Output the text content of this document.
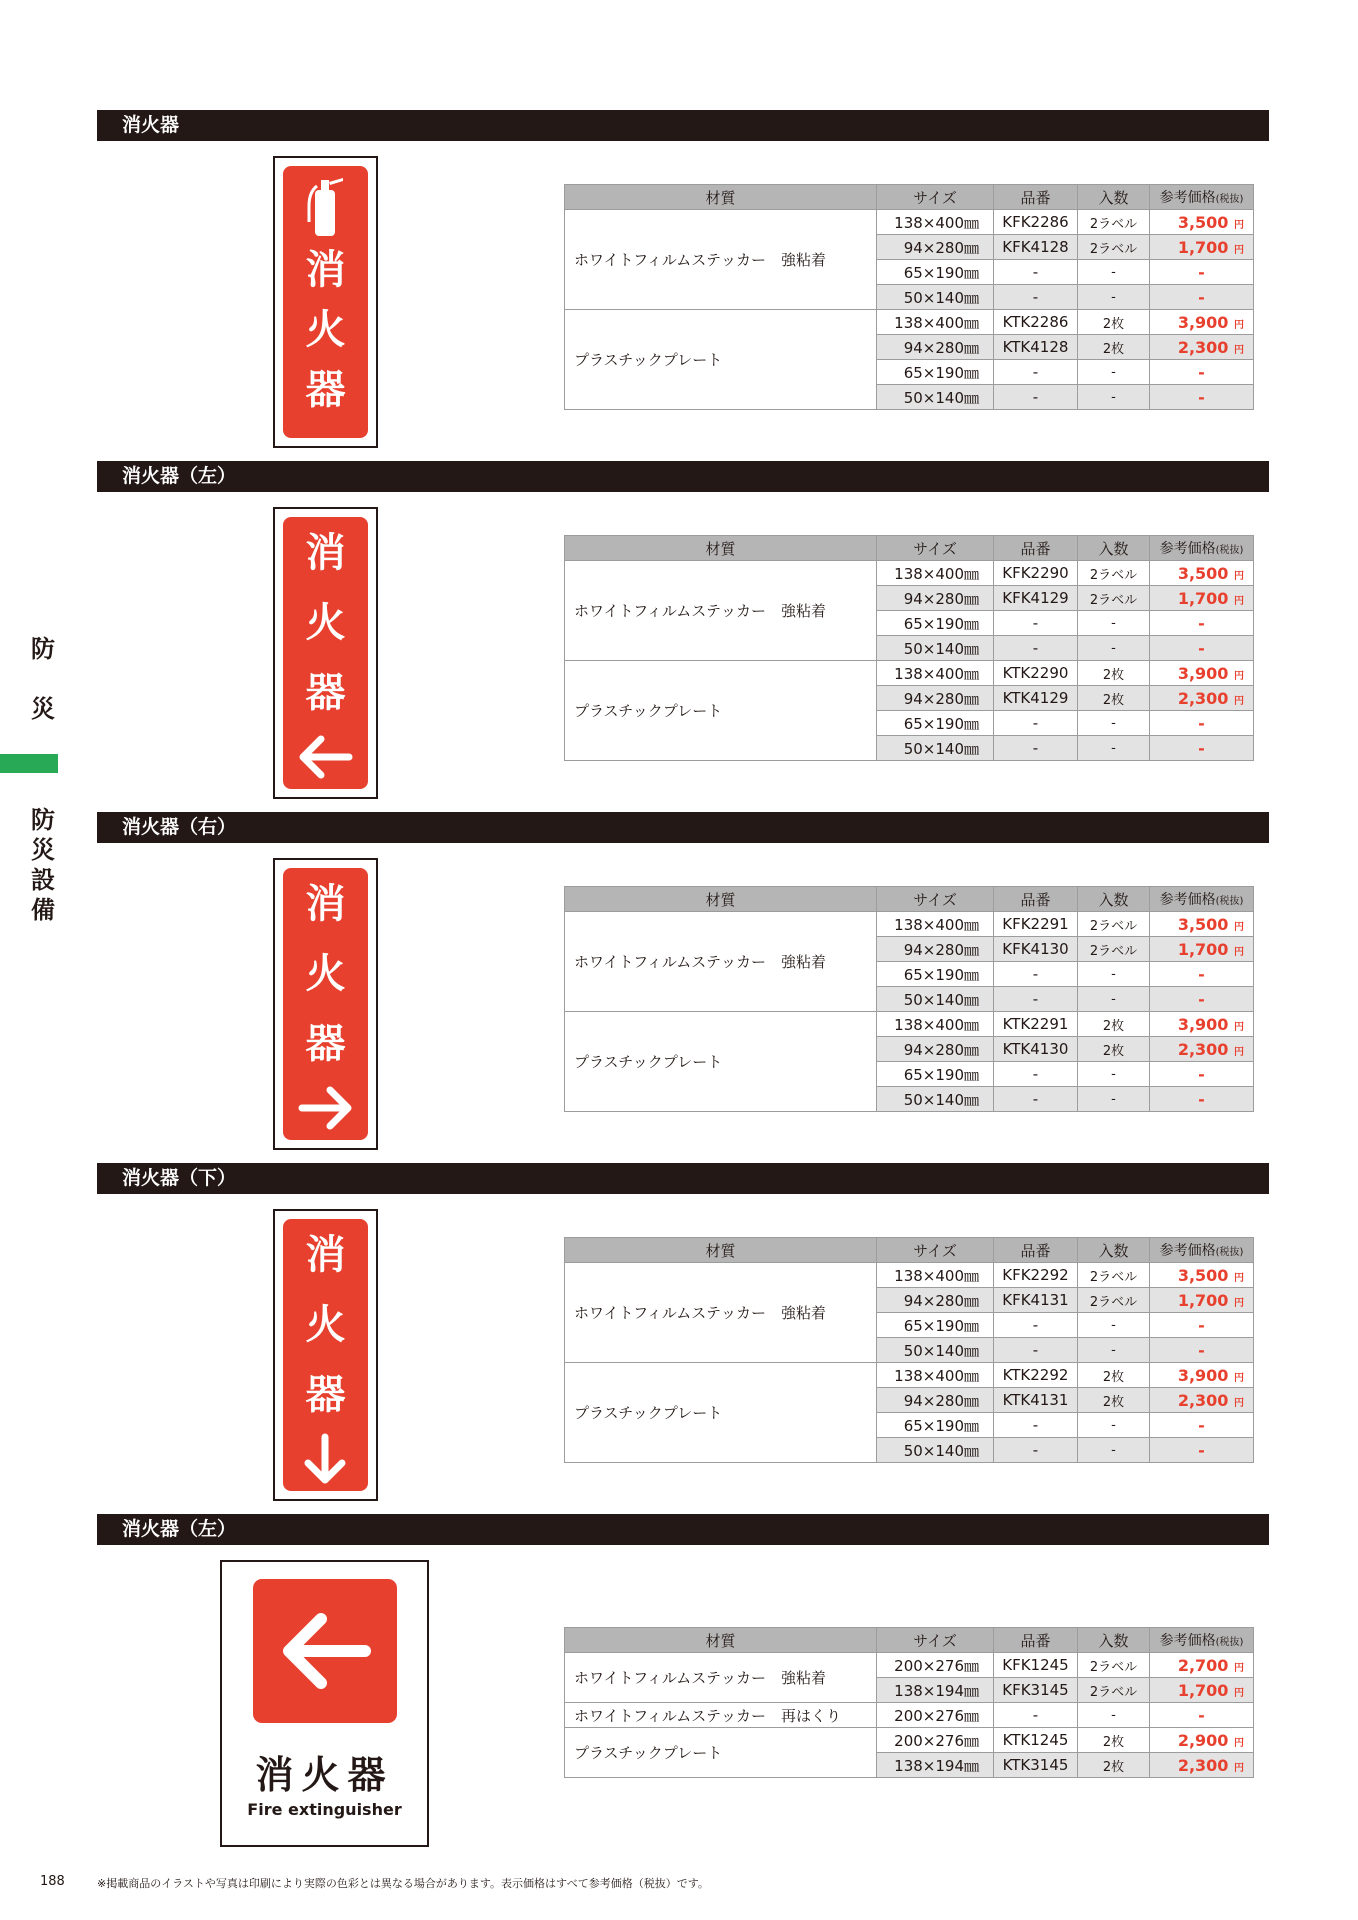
防
災
防
災
設
備
消火器
消
火
器
材質	サイズ	品番	入数	参考価格(税抜)
ホワイトフィルムステッカー　強粘着	138×400㎜	KFK2286	2ラベル	3,500 円
	94×280㎜	KFK4128	2ラベル	1,700 円
	65×190㎜	-	-	-
	50×140㎜	-	-	-
プラスチックプレート	138×400㎜	KTK2286	2枚	3,900 円
	94×280㎜	KTK4128	2枚	2,300 円
	65×190㎜	-	-	-
	50×140㎜	-	-	-
消火器（左）
消
火
器
材質	サイズ	品番	入数	参考価格(税抜)
ホワイトフィルムステッカー　強粘着	138×400㎜	KFK2290	2ラベル	3,500 円
	94×280㎜	KFK4129	2ラベル	1,700 円
	65×190㎜	-	-	-
	50×140㎜	-	-	-
プラスチックプレート	138×400㎜	KTK2290	2枚	3,900 円
	94×280㎜	KTK4129	2枚	2,300 円
	65×190㎜	-	-	-
	50×140㎜	-	-	-
消火器（右）
消
火
器
材質	サイズ	品番	入数	参考価格(税抜)
ホワイトフィルムステッカー　強粘着	138×400㎜	KFK2291	2ラベル	3,500 円
	94×280㎜	KFK4130	2ラベル	1,700 円
	65×190㎜	-	-	-
	50×140㎜	-	-	-
プラスチックプレート	138×400㎜	KTK2291	2枚	3,900 円
	94×280㎜	KTK4130	2枚	2,300 円
	65×190㎜	-	-	-
	50×140㎜	-	-	-
消火器（下）
消
火
器
材質	サイズ	品番	入数	参考価格(税抜)
ホワイトフィルムステッカー　強粘着	138×400㎜	KFK2292	2ラベル	3,500 円
	94×280㎜	KFK4131	2ラベル	1,700 円
	65×190㎜	-	-	-
	50×140㎜	-	-	-
プラスチックプレート	138×400㎜	KTK2292	2枚	3,900 円
	94×280㎜	KTK4131	2枚	2,300 円
	65×190㎜	-	-	-
	50×140㎜	-	-	-
消火器（左）
消火器
Fire extinguisher
材質	サイズ	品番	入数	参考価格(税抜)
ホワイトフィルムステッカー　強粘着	200×276㎜	KFK1245	2ラベル	2,700 円
	138×194㎜	KFK3145	2ラベル	1,700 円
ホワイトフィルムステッカー　再はくり	200×276㎜	-	-	-
プラスチックプレート	200×276㎜	KTK1245	2枚	2,900 円
	138×194㎜	KTK3145	2枚	2,300 円
188	※掲載商品のイラストや写真は印刷により実際の色彩とは異なる場合があります。表示価格はすべて参考価格（税抜）です。
